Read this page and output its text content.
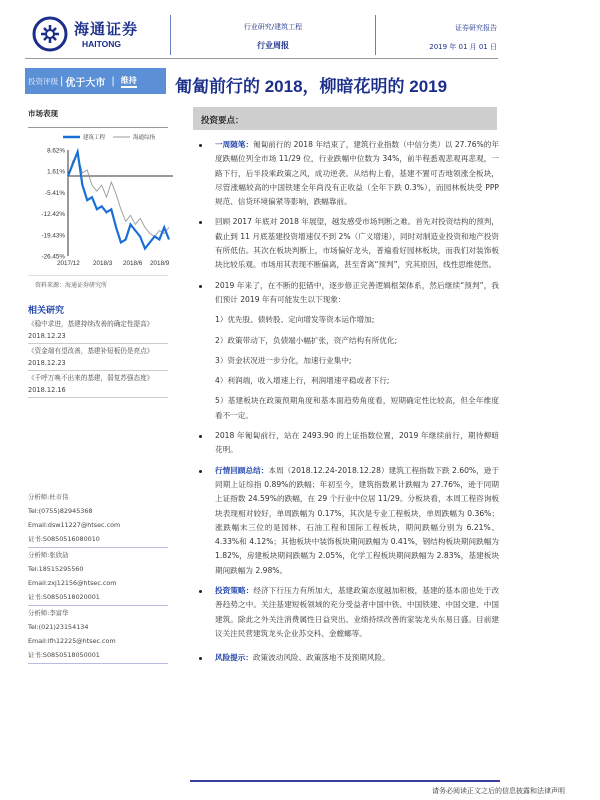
海通证券
HAITONG
行业研究/建筑工程
行业周报
证券研究报告
2019 年 01 月 01 日
投资评级 | 优于大市 | 维持 匍匐前行的 2018，柳暗花明的 2019
市场表现
8.62%
1.61%
-5.41%
-12.42%
-19.43%
-26.45%
2017/12 2018/3 2018/6 2018/9
建筑工程	海通综指
资料来源：海通证券研究所
相关研究
《稳中求进，基建持续改善的确定性提高》2018.12.23
《资金端有望改善，基建补短板仍是亮点》2018.12.23
《千呼万唤不出来的基建，弱复苏强态度》2018.12.16
分析师:杜市伟
Tel:(0755)82945368
Email:dsw11227@htsec.com
证书:S0850516080010
分析师:张欣劼
Tel:18515295560
Email:zxj12156@htsec.com
证书:S0850518020001
分析师:李富华
Tel:(021)23154134
Email:lfh12225@htsec.com
证书:S0850518050001
投资要点：
一周随笔：匍匐前行的 2018 年结束了，建筑行业指数（中信分类）以 27.76%的年度跌幅位列全市场 11/29 位，行业跌幅中位数为 34%，前半程悉观悲观再悲观，一路下行，后半段乘政策之风，成功逆袭。从结构上看，基建不置可否地领涨全板块，尽管涨幅较高的中国铁建全年尚没有正收益（全年下跌 0.3%），而园林板块受 PPP 规范、信贷环境偏紧等影响，跌幅靠前。
回顾 2017 年底对 2018 年展望，越发感受市场判断之难。首先对投资结构的预判，截止到 11 月底基建投资增速仅不到 2%（广义增速），同时对制造业投资和地产投资有所低估。其次在板块判断上，市场偏好龙头，普遍看好园林板块，而我们对装饰板块比较乐观。市场用其表现不断偏离，甚至背离“预判”，究其原因，线性思维使然。
2019 年来了，在不断的犯错中，逐步修正完善逻辑框架体系，然后继续“预判”，我们预计 2019 年有可能发生以下现象：
1）优先股、债转股、定向增发等资本运作增加;
2）政策带动下，负债端小幅扩张，资产结构有所优化;
3）资金状况进一步分化，加速行业集中;
4）利润端，收入增速上行，利润增速平稳或者下行;
5）基建板块在政策预期角度和基本面趋势角度看，短期确定性比较高，但全年维度看不一定。
2018 年匍匐前行，站在 2493.90 的上证指数位置，2019 年继续前行，期待柳暗花明。
行情回顾总结：本周（2018.12.24-2018.12.28）建筑工程指数下跌 2.60%，逊于同期上证综指 0.89%的跌幅；年初至今，建筑指数累计跌幅为 27.76%，逊于同期上证指数 24.59%的跌幅，在 29 个行业中位居 11/29。分板块看，本周工程咨询板块表现相对较好，单周跌幅为 0.17%，其次是专业工程板块，单周跌幅为 0.36%；涨跌幅末三位的是园林、石油工程和国际工程板块，期间跌幅分别为 6.21%、4.33%和 4.12%；其他板块中装饰板块期间跌幅为 0.41%，钢结构板块期间跌幅为 1.82%，房建板块期间跌幅为 2.05%，化学工程板块期间跌幅为 2.83%，基建板块期间跌幅为 2.98%。
投资策略：经济下行压力有所加大，基建政策态度越加积极，基建的基本面也处于改善趋势之中。关注基建短板领域的充分受益者中国中铁、中国铁建、中国交建、中国建筑。除此之外关注消费属性日益突出、业绩持续改善的家装龙头东易日盛。目前建议关注民营建筑龙头企业苏交科、金螳螂等。
风险提示：政策波动风险、政策落地不及预期风险。
请务必阅读正文之后的信息披露和法律声明
